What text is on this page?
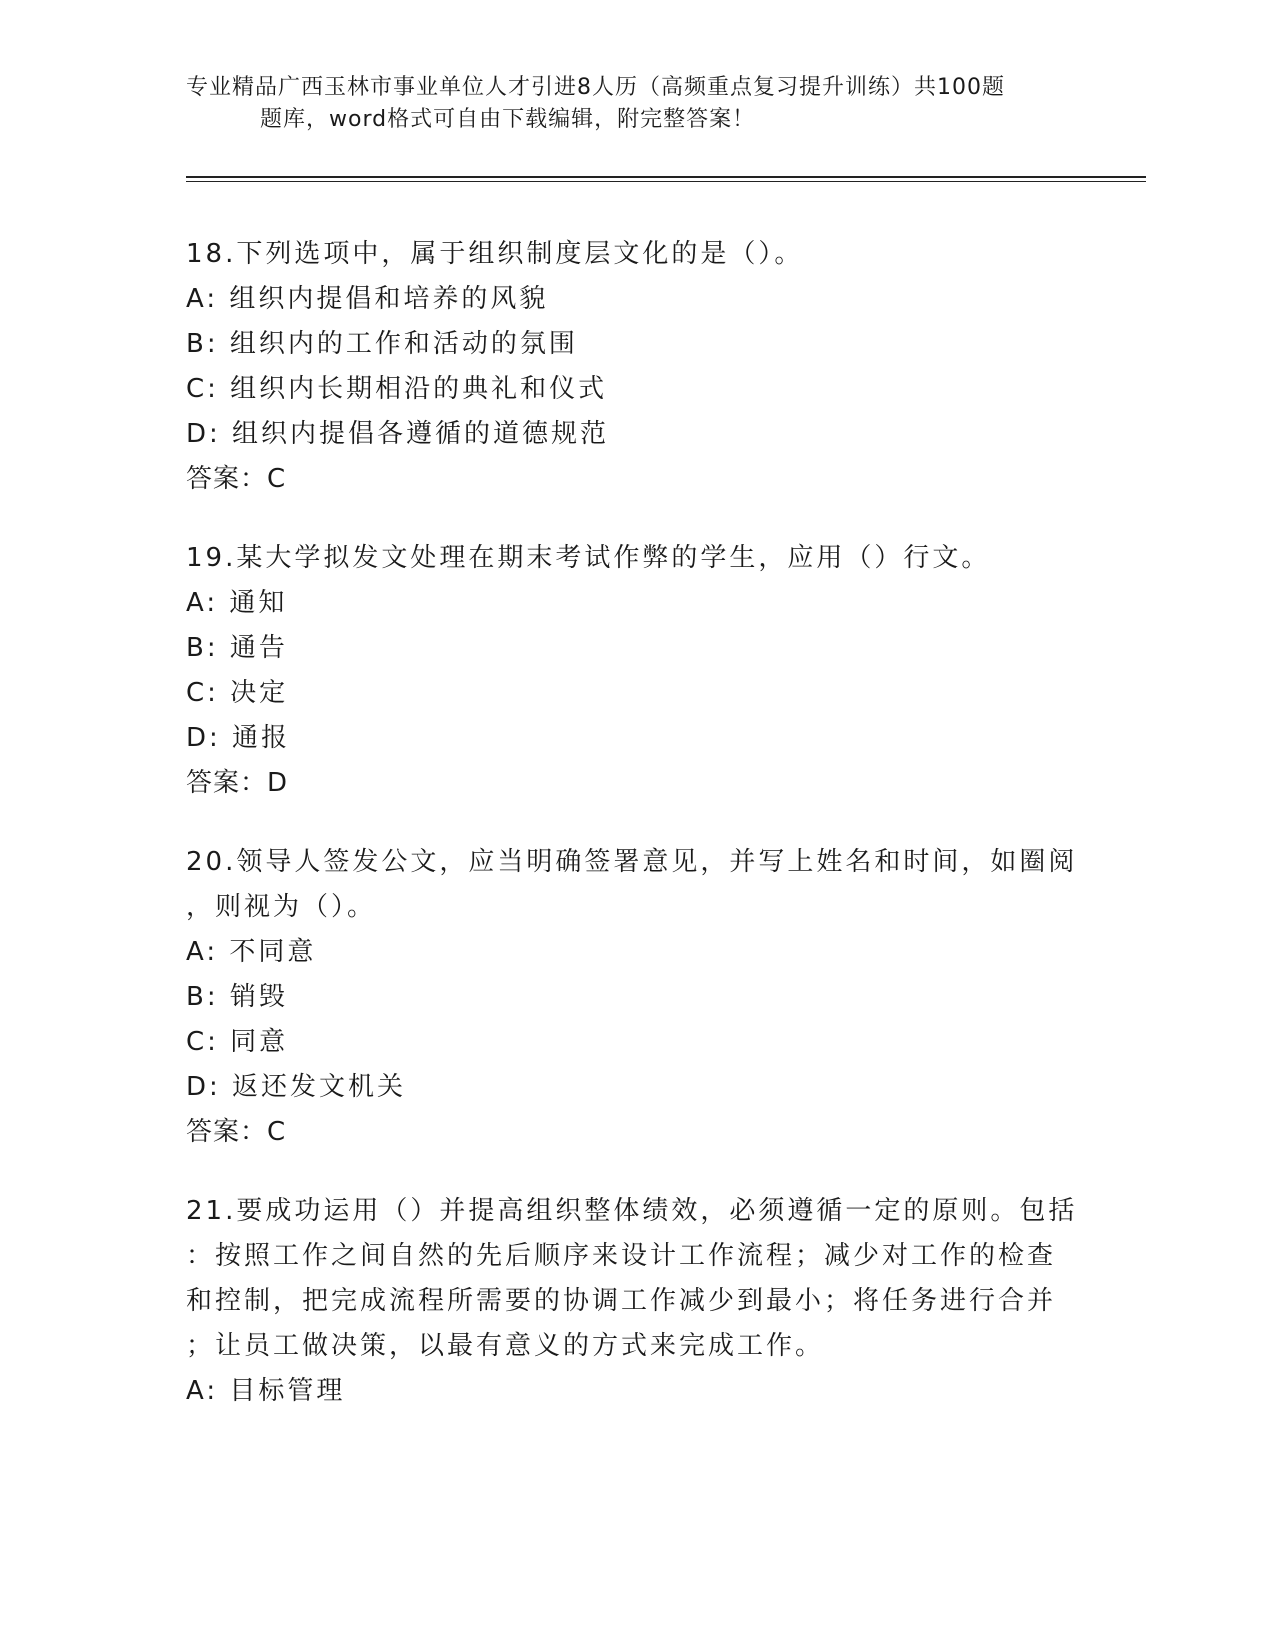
专业精品广西玉林市事业单位人才引进8人历（高频重点复习提升训练）共100题
题库，word格式可自由下载编辑，附完整答案！
18.下列选项中，属于组织制度层文化的是（）。
A: 组织内提倡和培养的风貌
B: 组织内的工作和活动的氛围
C: 组织内长期相沿的典礼和仪式
D: 组织内提倡各遵循的道德规范
答案：C
19.某大学拟发文处理在期末考试作弊的学生，应用（）行文。
A: 通知
B: 通告
C: 决定
D: 通报
答案：D
20.领导人签发公文，应当明确签署意见，并写上姓名和时间，如圈阅
，则视为（）。
A: 不同意
B: 销毁
C: 同意
D: 返还发文机关
答案：C
21.要成功运用（）并提高组织整体绩效，必须遵循一定的原则。包括
：按照工作之间自然的先后顺序来设计工作流程；减少对工作的检查
和控制，把完成流程所需要的协调工作减少到最小；将任务进行合并
；让员工做决策，以最有意义的方式来完成工作。
A: 目标管理
